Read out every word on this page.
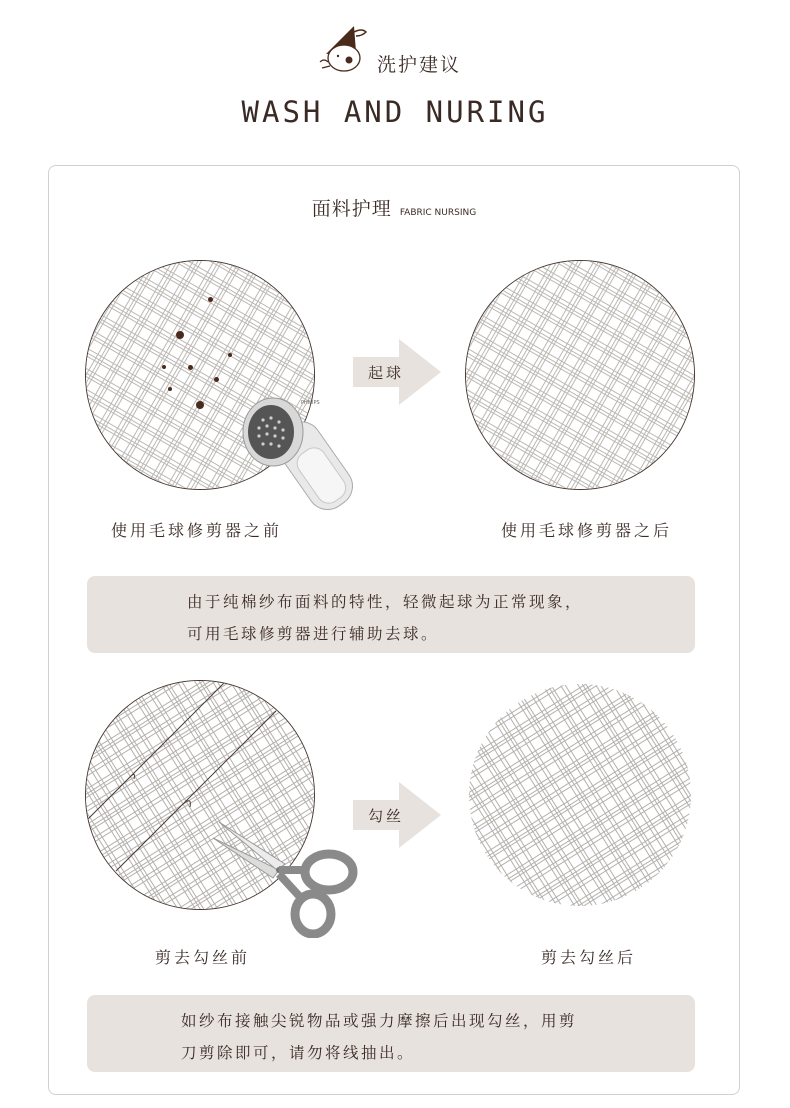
洗护建议
WASH AND NURING
面料护理 FABRIC NURSING
PHILIPS
起球
使用毛球修剪器之前	使用毛球修剪器之后

由于纯棉纱布面料的特性，轻微起球为正常现象，

可用毛球修剪器进行辅助去球。

勾丝
剪去勾丝前	剪去勾丝后

如纱布接触尖锐物品或强力摩擦后出现勾丝，用剪

刀剪除即可，请勿将线抽出。
